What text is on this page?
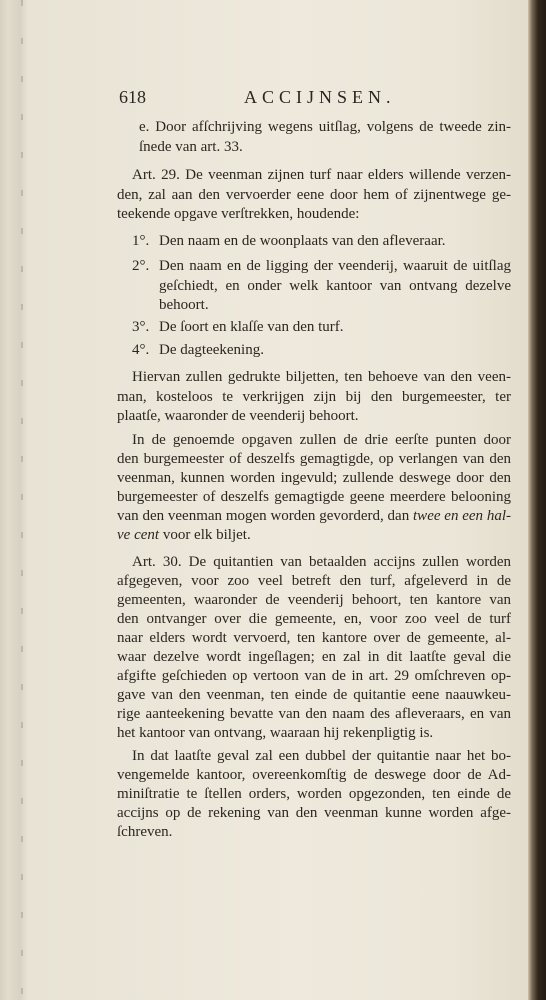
618	ACCIJNSEN.
e. Door afſchrijving wegens uitſlag, volgens de tweede zin-
ſnede van art. 33.
Art. 29. De veenman zijnen turf naar elders willende verzen-
den, zal aan den vervoerder eene door hem of zijnentwege ge-
teekende opgave verſtrekken, houdende:
1°. Den naam en de woonplaats van den afleveraar.
2°. Den naam en de ligging der veenderij, waaruit de uitſlag
geſchiedt, en onder welk kantoor van ontvang dezelve
behoort.
3°. De ſoort en klaſſe van den turf.
4°. De dagteekening.
Hiervan zullen gedrukte biljetten, ten behoeve van den veen-
man, kosteloos te verkrijgen zijn bij den burgemeester, ter
plaatſe, waaronder de veenderij behoort.
In de genoemde opgaven zullen de drie eerſte punten door
den burgemeester of deszelfs gemagtigde, op verlangen van den
veenman, kunnen worden ingevuld; zullende deswege door den
burgemeester of deszelfs gemagtigde geene meerdere belooning
van den veenman mogen worden gevorderd, dan twee en een hal-
ve cent voor elk biljet.
Art. 30. De quitantien van betaalden accijns zullen worden
afgegeven, voor zoo veel betreft den turf, afgeleverd in de
gemeenten, waaronder de veenderij behoort, ten kantore van
den ontvanger over die gemeente, en, voor zoo veel de turf
naar elders wordt vervoerd, ten kantore over de gemeente, al-
waar dezelve wordt ingeſlagen; en zal in dit laatſte geval die
afgifte geſchieden op vertoon van de in art. 29 omſchreven op-
gave van den veenman, ten einde de quitantie eene naauwkeu-
rige aanteekening bevatte van den naam des afleveraars, en van
het kantoor van ontvang, waaraan hij rekenpligtig is.
In dat laatſte geval zal een dubbel der quitantie naar het bo-
vengemelde kantoor, overeenkomſtig de deswege door de Ad-
miniſtratie te ſtellen orders, worden opgezonden, ten einde de
accijns op de rekening van den veenman kunne worden afge-
ſchreven.
